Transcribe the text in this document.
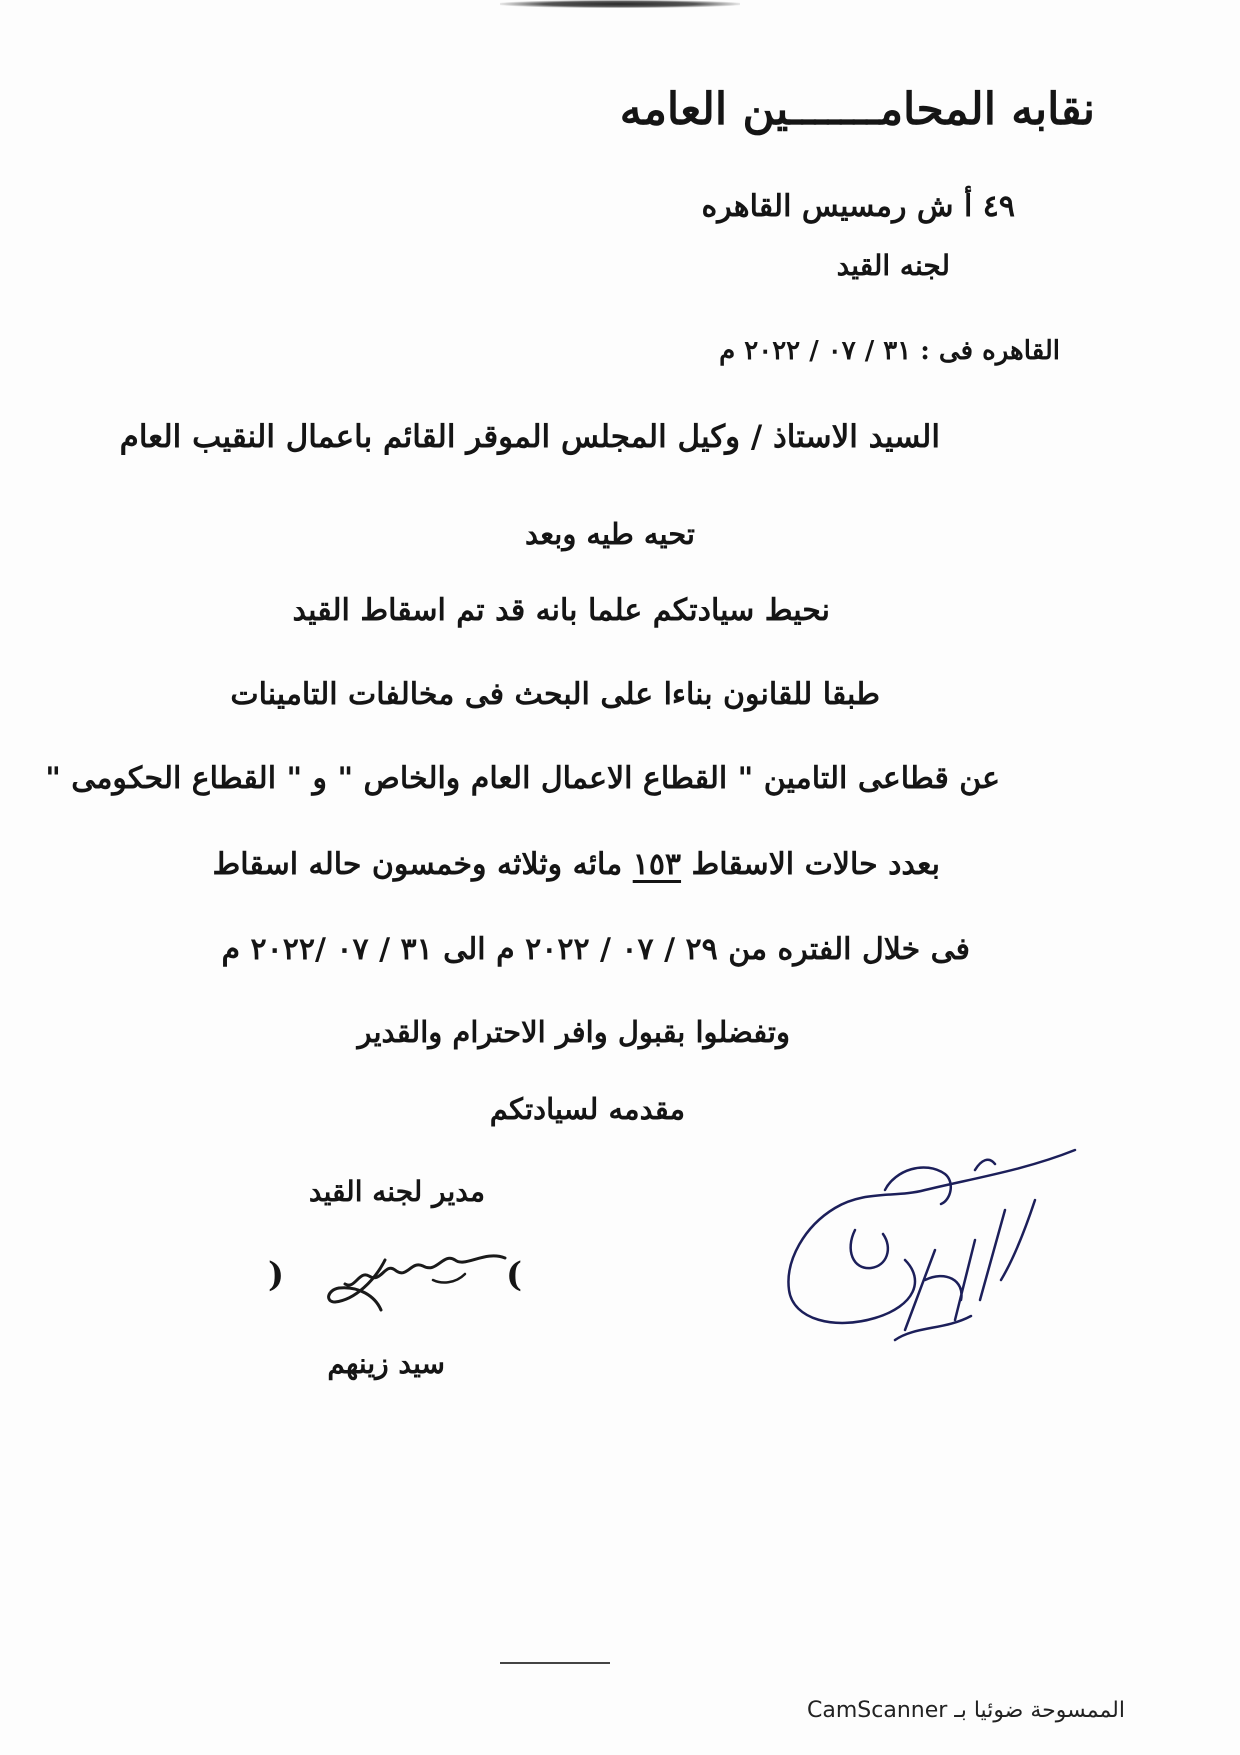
نقابه المحامـــــــين العامه
٤٩ أ ش رمسيس القاهره
لجنه القيد
القاهره فى : ٣١ / ٠٧ / ٢٠٢٢ م
السيد الاستاذ / وكيل المجلس الموقر القائم باعمال النقيب العام
تحيه طيه وبعد
نحيط سيادتكم علما بانه قد تم اسقاط القيد
طبقا للقانون بناءا على البحث فى مخالفات التامينات
عن قطاعى التامين " القطاع الاعمال العام والخاص " و " القطاع الحكومى "
بعدد حالات الاسقاط ١٥٣ مائه وثلاثه وخمسون حاله اسقاط
فى خلال الفتره من ٢٩ / ٠٧ / ٢٠٢٢ م الى ٣١ / ٠٧ /٢٠٢٢ م
وتفضلوا بقبول وافر الاحترام والقدير
مقدمه لسيادتكم
مدير لجنه القيد
(
)
سيد زينهم
الممسوحة ضوئيا بـ CamScanner
